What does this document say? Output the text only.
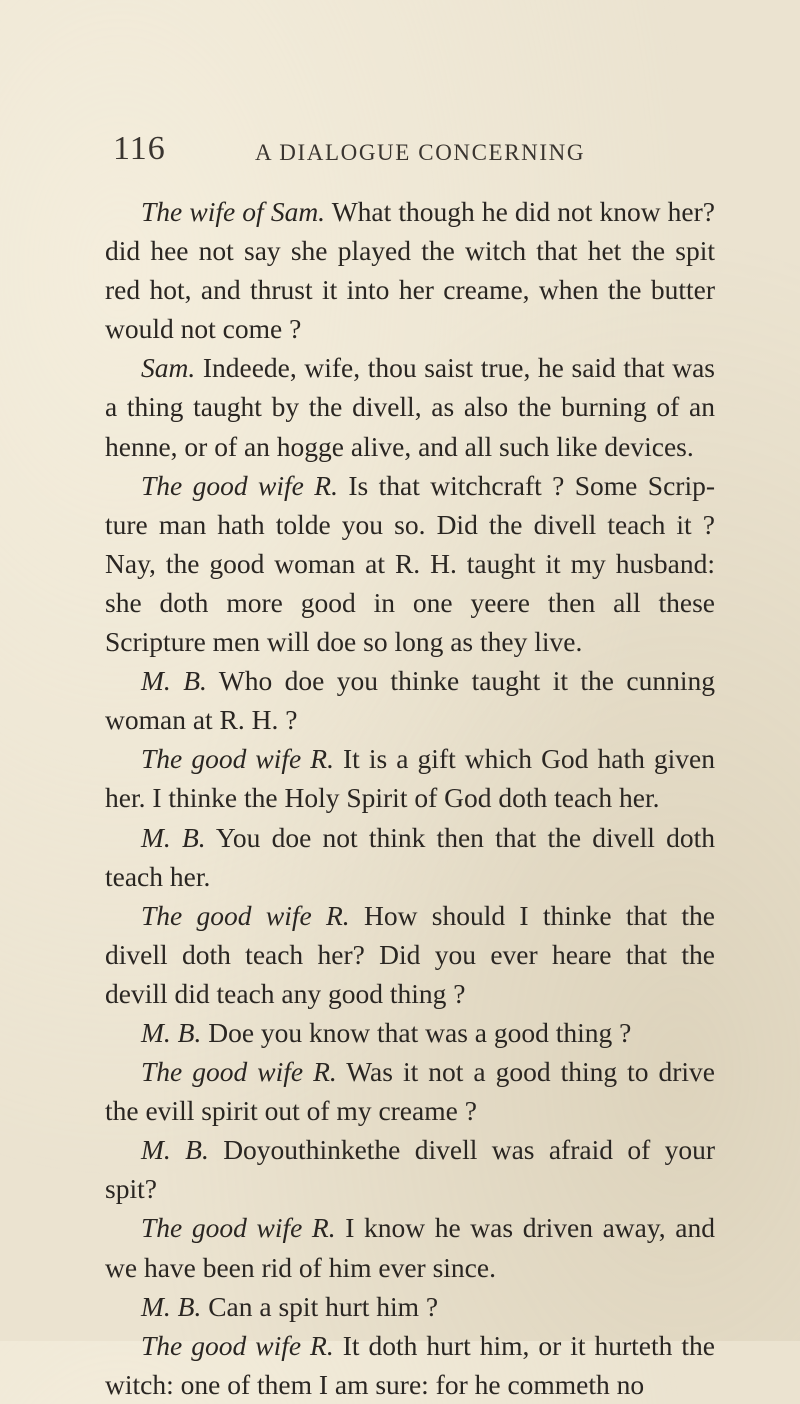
116	A DIALOGUE CONCERNING

The wife of Sam. What though he did not know her? did hee not say she played the witch that het the spit red hot, and thrust it into her creame, when the butter would not come ?

Sam. Indeede, wife, thou saist true, he said that was a thing taught by the divell, as also the burning of an henne, or of an hogge alive, and all such like devices.

The good wife R. Is that witchcraft ? Some Scrip-ture man hath tolde you so. Did the divell teach it ? Nay, the good woman at R. H. taught it my husband: she doth more good in one yeere then all these Scripture men will doe so long as they live.

M. B. Who doe you thinke taught it the cunning woman at R. H. ?

The good wife R. It is a gift which God hath given her. I thinke the Holy Spirit of God doth teach her.

M. B. You doe not think then that the divell doth teach her.

The good wife R. How should I thinke that the divell doth teach her? Did you ever heare that the devill did teach any good thing ?

M. B. Doe you know that was a good thing ?

The good wife R. Was it not a good thing to drive the evill spirit out of my creame ?

M. B. Doyouthinkethe divell was afraid of your spit?

The good wife R. I know he was driven away, and we have been rid of him ever since.

M. B. Can a spit hurt him ?

The good wife R. It doth hurt him, or it hurteth the witch: one of them I am sure: for he commeth no
